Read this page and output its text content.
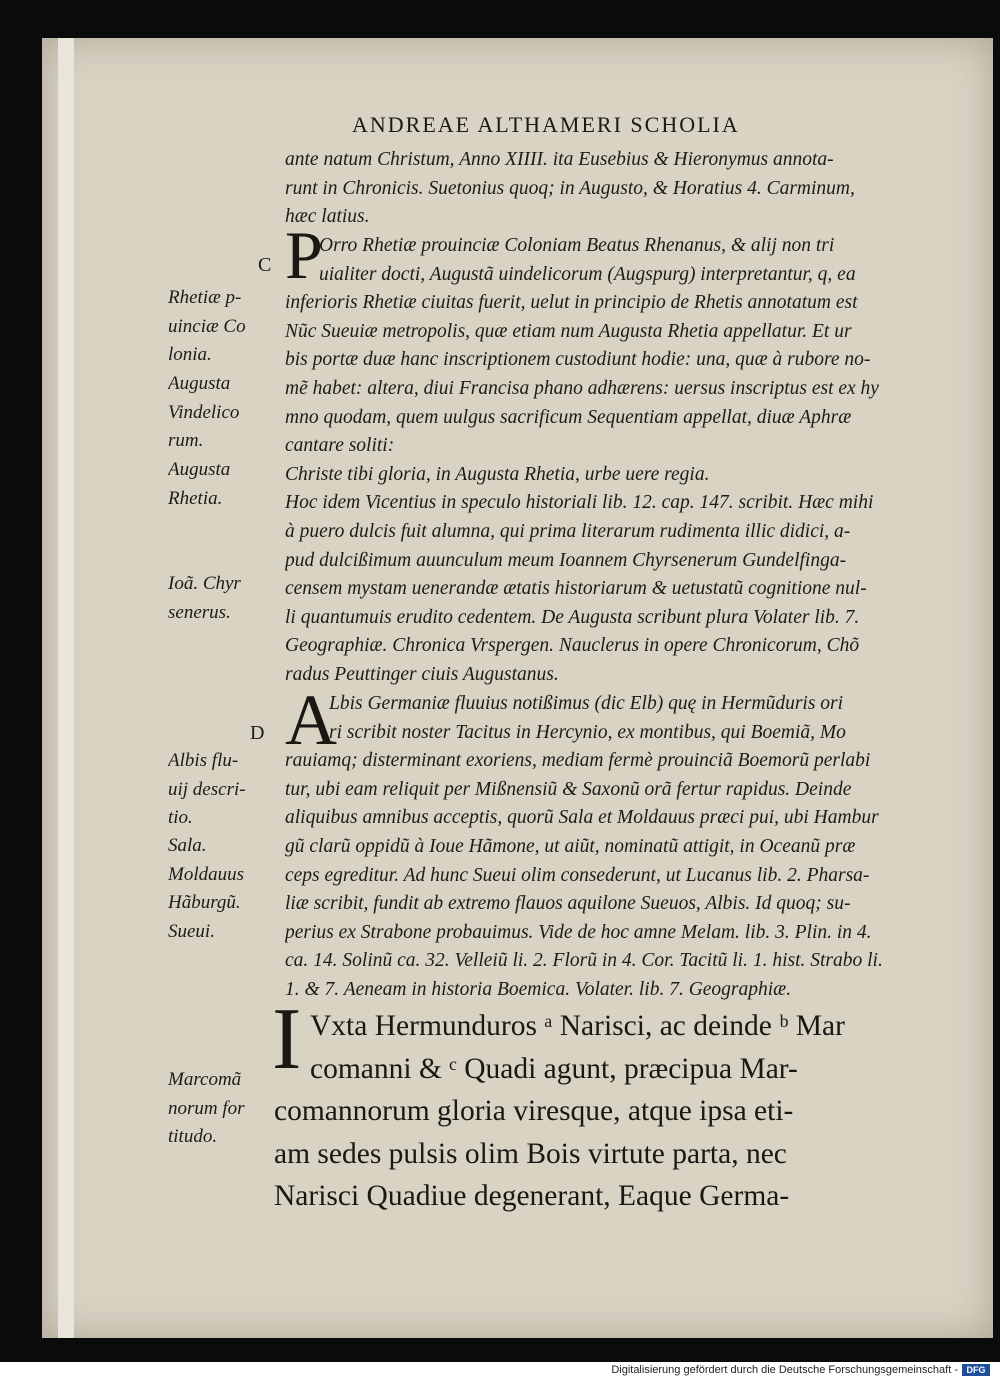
ANDREAE ALTHAMERI SCHOLIA
ante natum Christum, Anno XIIII. ita Eusebius & Hieronymus annota-
runt in Chronicis. Suetonius quoq; in Augusto, & Horatius 4. Carminum,
hæc latius.
P
Orro Rhetiæ prouinciæ Coloniam Beatus Rhenanus, & alij non tri
uialiter docti, Augustã uindelicorum (Augspurg) interpretantur, q, ea
inferioris Rhetiæ ciuitas fuerit, uelut in principio de Rhetis annotatum est
Nũc Sueuiæ metropolis, quæ etiam num Augusta Rhetia appellatur. Et ur
bis portæ duæ hanc inscriptionem custodiunt hodie: una, quæ à rubore no-
mẽ habet: altera, diui Francisa phano adhærens: uersus inscriptus est ex hy
mno quodam, quem uulgus sacrificum Sequentiam appellat, diuæ Aphræ
cantare soliti:
Christe tibi gloria, in Augusta Rhetia, urbe uere regia.
Hoc idem Vicentius in speculo historiali lib. 12. cap. 147. scribit. Hæc mihi
à puero dulcis fuit alumna, qui prima literarum rudimenta illic didici, a-
pud dulcißimum auunculum meum Ioannem Chyrsenerum Gundelfinga-
censem mystam uenerandæ ætatis historiarum & uetustatũ cognitione nul-
li quantumuis erudito cedentem. De Augusta scribunt plura Volater lib. 7.
Geographiæ. Chronica Vrspergen. Nauclerus in opere Chronicorum, Chõ
radus Peuttinger ciuis Augustanus.
A
Lbis Germaniæ fluuius notißimus (dic Elb) quę in Hermũduris ori
ri scribit noster Tacitus in Hercynio, ex montibus, qui Boemiã, Mo
rauiamq; disterminant exoriens, mediam fermè prouinciã Boemorũ perlabi
tur, ubi eam reliquit per Mißnensiũ & Saxonũ orã fertur rapidus. Deinde
aliquibus amnibus acceptis, quorũ Sala et Moldauus præci pui, ubi Hambur
gũ clarũ oppidũ à Ioue Hãmone, ut aiũt, nominatũ attigit, in Oceanũ præ
ceps egreditur. Ad hunc Sueui olim consederunt, ut Lucanus lib. 2. Pharsa-
liæ scribit, fundit ab extremo flauos aquilone Sueuos, Albis. Id quoq; su-
perius ex Strabone probauimus. Vide de hoc amne Melam. lib. 3. Plin. in 4.
ca. 14. Solinũ ca. 32. Velleiũ li. 2. Florũ in 4. Cor. Tacitũ li. 1. hist. Strabo li.
1. & 7. Aeneam in historia Boemica. Volater. lib. 7. Geographiæ.
I Vxta Hermunduros ᵃ Narisci, ac deinde ᵇ Mar
comanni & ᶜ Quadi agunt, præcipua Mar-
comannorum gloria viresque, atque ipsa eti-
am sedes pulsis olim Bois virtute parta, nec
Narisci Quadiue degenerant, Eaque Germa-
C
Rhetiæ p-
uinciæ Co
lonia.
Augusta
Vindelico
rum.
Augusta
Rhetia.
Ioã. Chyr
senerus.
D
Albis flu-
uij descri-
tio.
Sala.
Moldauus
Hãburgũ.
Sueui.
Marcomã
norum for
titudo.
Digitalisierung gefördert durch die Deutsche Forschungsgemeinschaft - DFG
